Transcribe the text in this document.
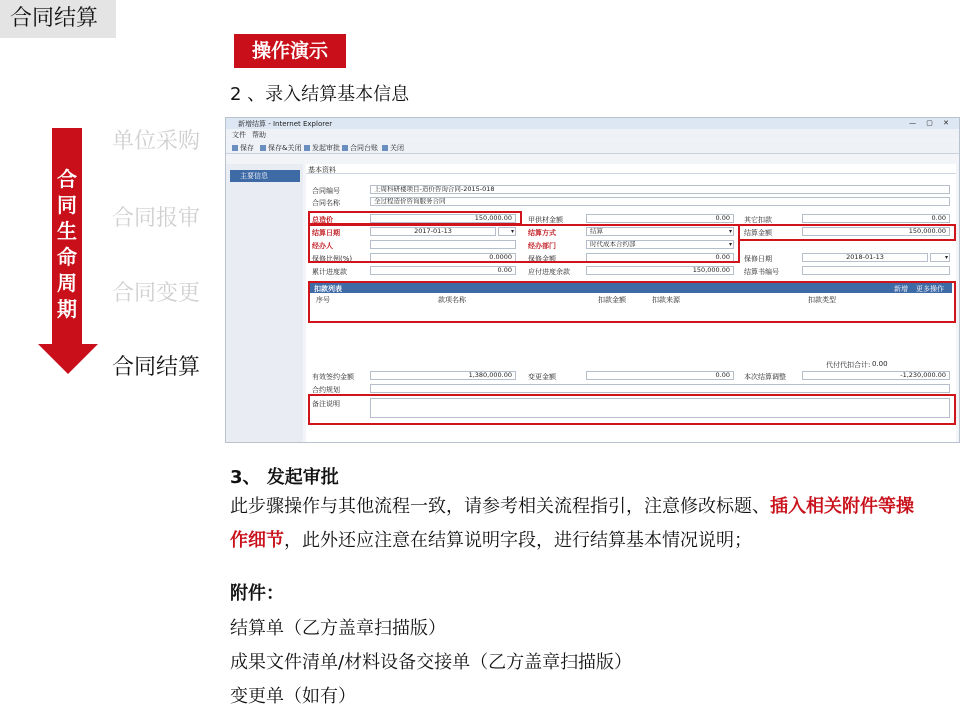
合同结算
操作演示
2 、录入结算基本信息
合
同
生
命
周
期
单位采购
合同报审
合同变更
合同结算
新增结算 - Internet Explorer	— ▢ ✕
文件 帮助
保存	保存&关闭	发起审批	合同台账	关闭
主要信息
基本资料
合同编号	上周科研楼项目-造价咨询合同-2015-018
合同名称	全过程造价咨询服务合同
总造价	150,000.00	甲供材金额	0.00	其它扣款	0.00
结算日期	2017-01-13
▾	结算方式	结算 ▾	结算金额	150,000.00
经办人	经办部门	时代成本合约部 ▾
保修比例(%)	0.0000	保修金额	0.00	保修日期	2018-01-13
▾
累计进度款	0.00	应付进度余款	150,000.00	结算书编号
扣款列表	新增 更多操作
序号	款项名称	扣款金额	扣款来源	扣款类型
代付代扣合计: 0.00
有效签约金额	1,380,000.00	变更金额	0.00	本次结算调整	-1,230,000.00
合约规划
备注说明
3、 发起审批
此步骤操作与其他流程一致，请参考相关流程指引，注意修改标题、插入相关附件等操
作细节，此外还应注意在结算说明字段，进行结算基本情况说明；
附件：
结算单（乙方盖章扫描版）
成果文件清单/材料设备交接单（乙方盖章扫描版）
变更单（如有）
